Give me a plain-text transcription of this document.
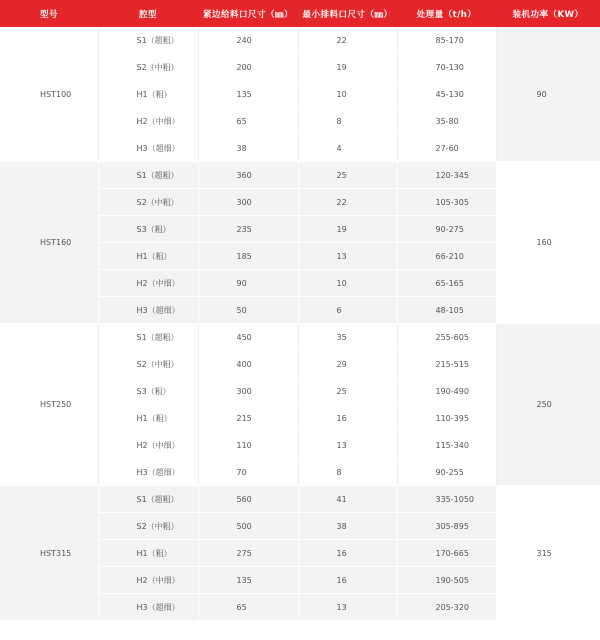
型号	腔型	紧边给料口尺寸（㎜）	最小排料口尺寸（㎜）	处理量（t/h）	装机功率（KW）
HST100	S1（超粗）	240	22	85-170	90
	S2（中粗）	200	19	70-130	
	H1（粗）	135	10	45-130	
	H2（中细）	65	8	35-80	
	H3（超细）	38	4	27-60	
HST160	S1（超粗）	360	25	120-345	160
	S2（中粗）	300	22	105-305	
	S3（粗）	235	19	90-275	
	H1（粗）	185	13	66-210	
	H2（中细）	90	10	65-165	
	H3（超细）	50	6	48-105	
HST250	S1（超粗）	450	35	255-605	250
	S2（中粗）	400	29	215-515	
	S3（粗）	300	25	190-490	
	H1（粗）	215	16	110-395	
	H2（中细）	110	13	115-340	
	H3（超细）	70	8	90-255	
HST315	S1（超粗）	560	41	335-1050	315
	S2（中粗）	500	38	305-895	
	H1（粗）	275	16	170-665	
	H2（中细）	135	16	190-505	
	H3（超细）	65	13	205-320	
